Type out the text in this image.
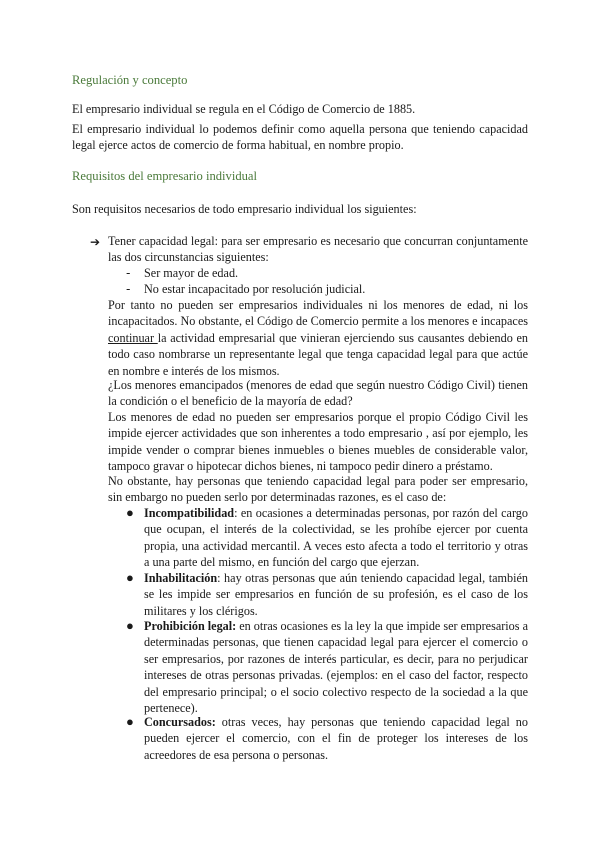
Regulación y concepto
El empresario individual se regula en el Código de Comercio de 1885.
El empresario individual lo podemos definir como aquella persona que teniendo capacidad legal ejerce actos de comercio de forma habitual, en nombre propio.
Requisitos del empresario individual
Son requisitos necesarios de todo empresario individual los siguientes:
➔ Tener capacidad legal: para ser empresario es necesario que concurran conjuntamente las dos circunstancias siguientes:
- Ser mayor de edad.
- No estar incapacitado por resolución judicial.
Por tanto no pueden ser empresarios individuales ni los menores de edad, ni los incapacitados. No obstante, el Código de Comercio permite a los menores e incapaces continuar la actividad empresarial que vinieran ejerciendo sus causantes debiendo en todo caso nombrarse un representante legal que tenga capacidad legal para que actúe en nombre e interés de los mismos.
¿Los menores emancipados (menores de edad que según nuestro Código Civil) tienen la condición o el beneficio de la mayoría de edad?
Los menores de edad no pueden ser empresarios porque el propio Código Civil les impide ejercer actividades que son inherentes a todo empresario , así por ejemplo, les impide vender o comprar bienes inmuebles o bienes muebles de considerable valor, tampoco gravar o hipotecar dichos bienes, ni tampoco pedir dinero a préstamo.
No obstante, hay personas que teniendo capacidad legal para poder ser empresario, sin embargo no pueden serlo por determinadas razones, es el caso de:
● Incompatibilidad: en ocasiones a determinadas personas, por razón del cargo que ocupan, el interés de la colectividad, se les prohíbe ejercer por cuenta propia, una actividad mercantil. A veces esto afecta a todo el territorio y otras a una parte del mismo, en función del cargo que ejerzan.
● Inhabilitación: hay otras personas que aún teniendo capacidad legal, también se les impide ser empresarios en función de su profesión, es el caso de los militares y los clérigos.
● Prohibición legal: en otras ocasiones es la ley la que impide ser empresarios a determinadas personas, que tienen capacidad legal para ejercer el comercio o ser empresarios, por razones de interés particular, es decir, para no perjudicar intereses de otras personas privadas. (ejemplos: en el caso del factor, respecto del empresario principal; o el socio colectivo respecto de la sociedad a la que pertenece).
● Concursados: otras veces, hay personas que teniendo capacidad legal no pueden ejercer el comercio, con el fin de proteger los intereses de los acreedores de esa persona o personas.
